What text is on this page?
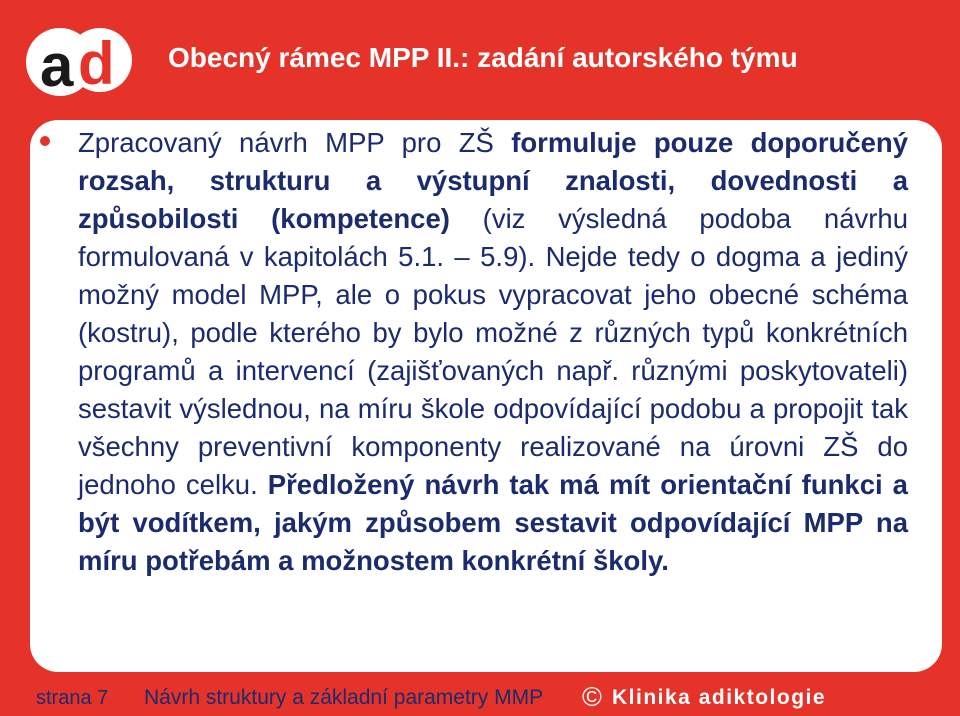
a d Obecný rámec MPP II.: zadání autorského týmu

Zpracovaný návrh MPP pro ZŠ formuluje pouze doporučený rozsah, strukturu a výstupní znalosti, dovednosti a způsobilosti (kompetence) (viz výsledná podoba návrhu formulovaná v kapitolách 5.1. – 5.9). Nejde tedy o dogma a jediný možný model MPP, ale o pokus vypracovat jeho obecné schéma (kostru), podle kterého by bylo možné z různých typů konkrétních programů a intervencí (zajišťovaných např. různými poskytovateli) sestavit výslednou, na míru škole odpovídající podobu a propojit tak všechny preventivní komponenty realizované na úrovni ZŠ do jednoho celku. Předložený návrh tak má mít orientační funkci a být vodítkem, jakým způsobem sestavit odpovídající MPP na míru potřebám a možnostem konkrétní školy.

strana 7 Návrh struktury a základní parametry MMP © Klinika adiktologie
